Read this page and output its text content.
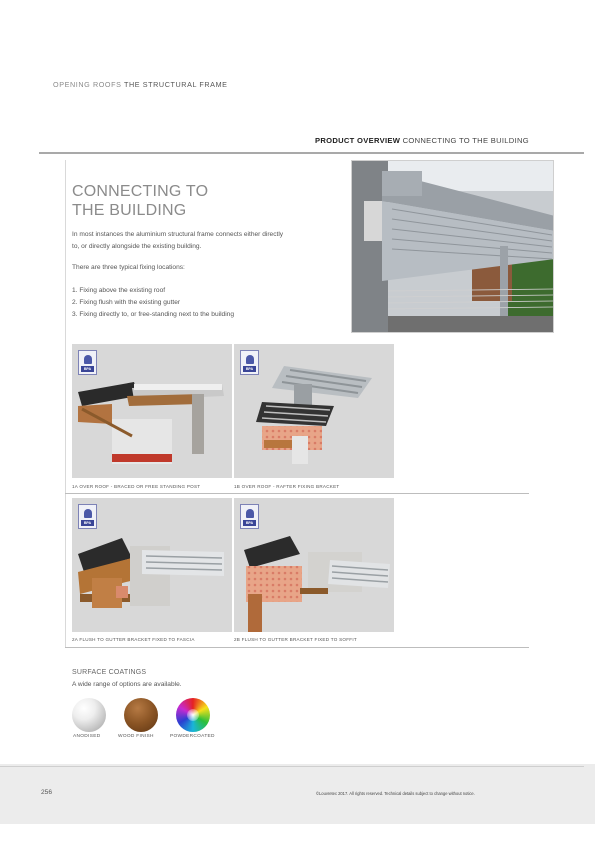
OPENING ROOFS THE STRUCTURAL FRAME
PRODUCT OVERVIEW CONNECTING TO THE BUILDING
CONNECTING TO
THE BUILDING
In most instances the aluminium structural frame connects either directly
to, or directly alongside the existing building.
There are three typical fixing locations:
1. Fixing above the existing roof
2. Fixing flush with the existing gutter
3. Fixing directly to, or free-standing next to the building
BPA	BPA
1A OVER ROOF - BRACED OR FREE STANDING POST	1B OVER ROOF - RAFTER FIXING BRACKET
BPA	BPA
2A FLUSH TO GUTTER BRACKET FIXED TO FASCIA	2B FLUSH TO GUTTER BRACKET FIXED TO SOFFIT
SURFACE COATINGS
A wide range of options are available.
ANODISED	WOOD FINISH	POWDERCOATED
256	©Louvretec 2017. All rights reserved. Technical details subject to change without notice.
